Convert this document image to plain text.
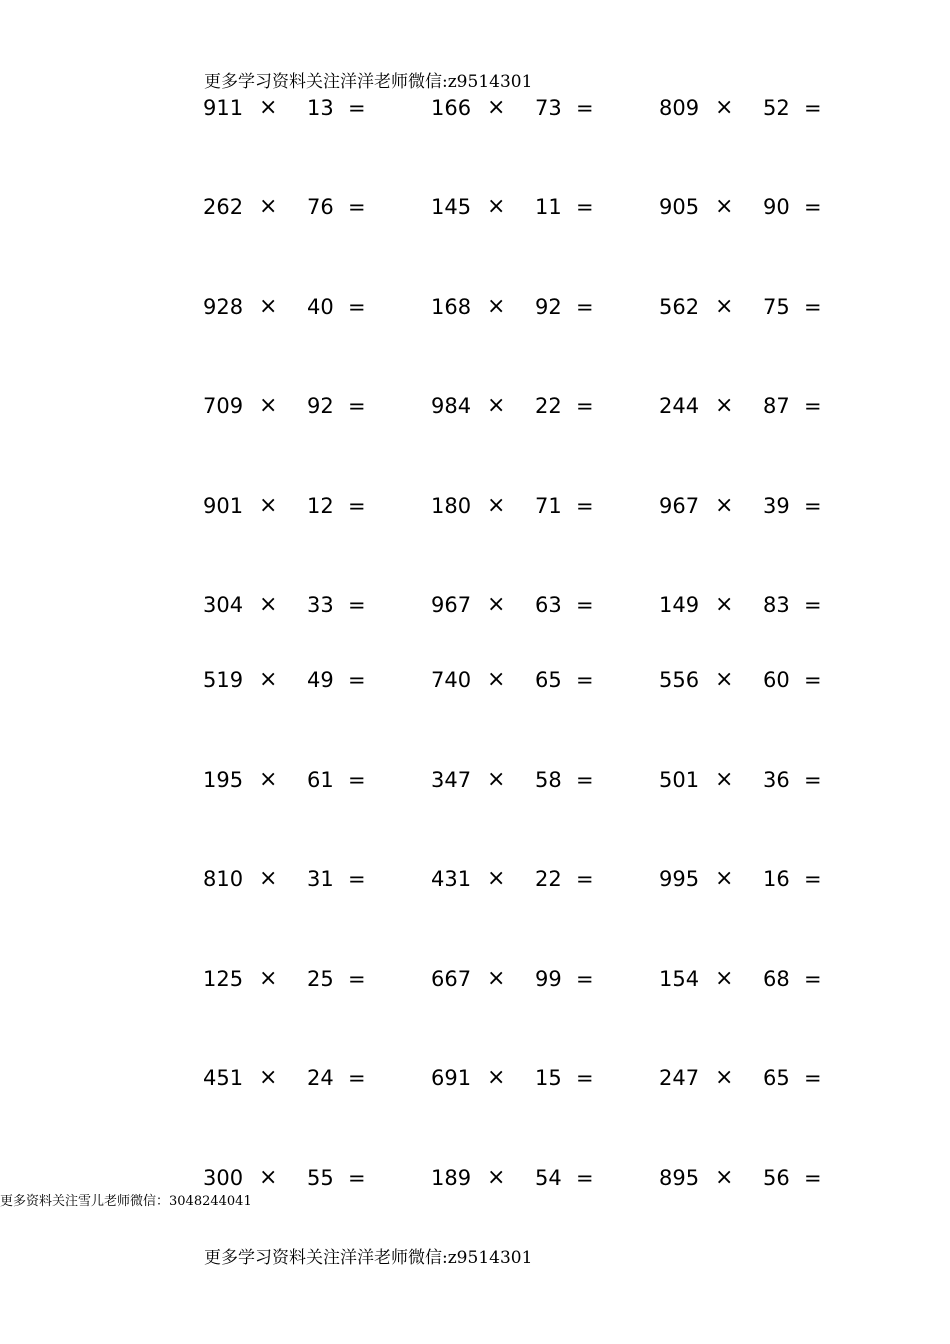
更多学习资料关注洋洋老师微信:z9514301
911 × 13 =	166 × 73 =	809 × 52 =
262 × 76 =	145 × 11 =	905 × 90 =
928 × 40 =	168 × 92 =	562 × 75 =
709 × 92 =	984 × 22 =	244 × 87 =
901 × 12 =	180 × 71 =	967 × 39 =
304 × 33 =	967 × 63 =	149 × 83 =
519 × 49 =	740 × 65 =	556 × 60 =
195 × 61 =	347 × 58 =	501 × 36 =
810 × 31 =	431 × 22 =	995 × 16 =
125 × 25 =	667 × 99 =	154 × 68 =
451 × 24 =	691 × 15 =	247 × 65 =
300 × 55 =	189 × 54 =	895 × 56 =
更多资料关注雪儿老师微信：3048244041
更多学习资料关注洋洋老师微信:z9514301
